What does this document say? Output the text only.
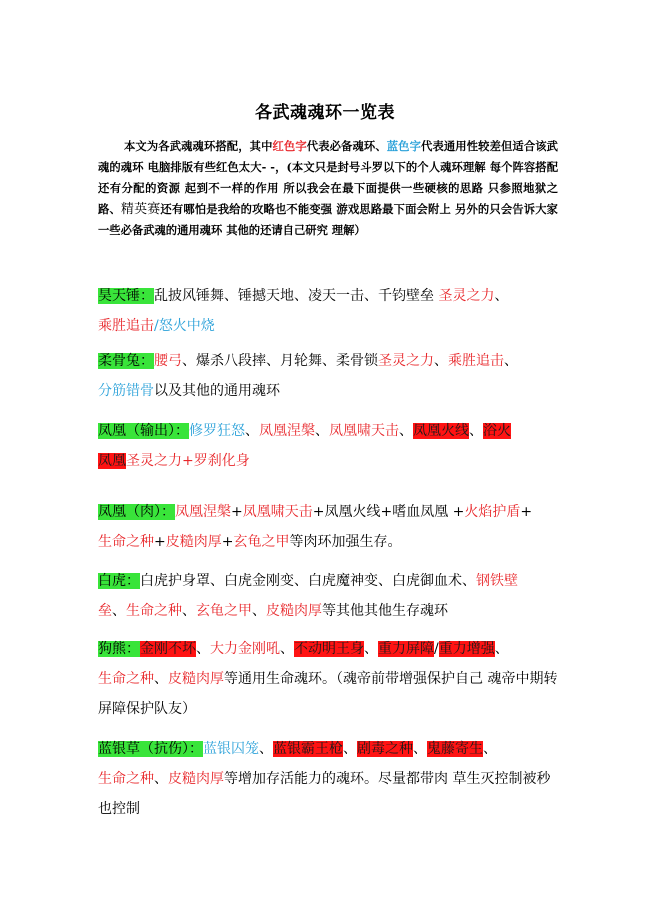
各武魂魂环一览表
本文为各武魂魂环搭配，其中红色字代表必备魂环、蓝色字代表通用性较差但适合该武魂的魂环 电脑排版有些红色太大- -，(本文只是封号斗罗以下的个人魂环理解 每个阵容搭配 还有分配的资源 起到不一样的作用 所以我会在最下面提供一些硬核的思路 只参照地狱之路、精英赛还有哪怕是我给的攻略也不能变强 游戏思路最下面会附上 另外的只会告诉大家一些必备武魂的通用魂环 其他的还请自己研究 理解）
昊天锤：乱披风锤舞、锤撼天地、凌天一击、千钧壁垒 圣灵之力、
乘胜追击/怒火中烧
柔骨兔：腰弓、爆杀八段摔、月轮舞、柔骨锁圣灵之力、乘胜追击、
分筋错骨以及其他的通用魂环
凤凰（输出）：修罗狂怒、凤凰涅槃、凤凰啸天击、凤凰火线、浴火
凤凰圣灵之力+罗刹化身
凤凰（肉）：凤凰涅槃+凤凰啸天击+凤凰火线+嗜血凤凰 +火焰护盾+
生命之种+皮糙肉厚+玄龟之甲等肉环加强生存。
白虎：白虎护身罩、白虎金刚变、白虎魔神变、白虎御血术、钢铁壁
垒、生命之种、玄龟之甲、皮糙肉厚等其他其他生存魂环
狗熊：金刚不坏、大力金刚吼、不动明王身、重力屏障/重力增强、
生命之种、皮糙肉厚等通用生命魂环。（魂帝前带增强保护自己 魂帝中期转屏障保护队友）
蓝银草（抗伤）：蓝银囚笼、蓝银霸王枪、剧毒之种、鬼藤寄生、
生命之种、皮糙肉厚等增加存活能力的魂环。尽量都带肉 草生灭控制被秒也控制
